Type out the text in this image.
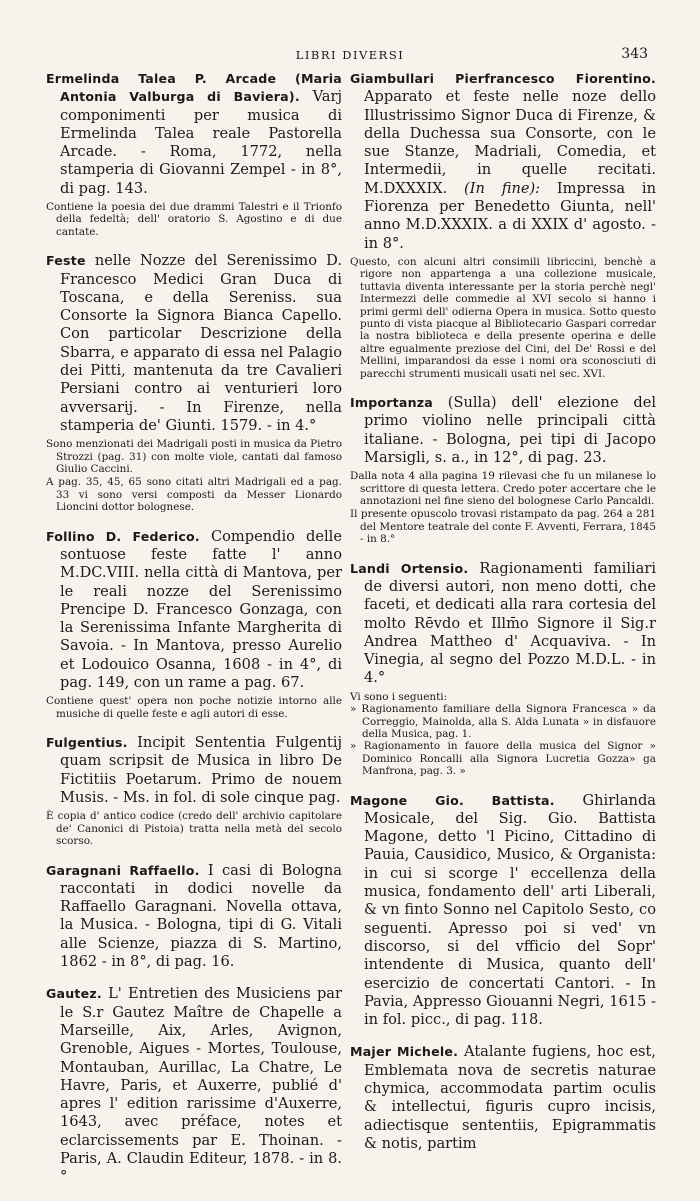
LIBRI DIVERSI	343
Ermelinda Talea P. Arcade (Maria Antonia Valburga di Baviera). Varj componimenti per musica di Ermelinda Talea reale Pastorella Arcade. - Roma, 1772, nella stamperia di Giovanni Zempel - in 8°, di pag. 143.
Contiene la poesia dei due drammi Talestri e il Trionfo della fedeltà; dell' oratorio S. Agostino e di due cantate.
Feste nelle Nozze del Serenissimo D. Francesco Medici Gran Duca di Toscana, e della Sereniss. sua Consorte la Signora Bianca Capello. Con particolar Descrizione della Sbarra, e apparato di essa nel Palagio dei Pitti, mantenuta da tre Cavalieri Persiani contro ai venturieri loro avversarij. - In Firenze, nella stamperia de' Giunti. 1579. - in 4.°
Sono menzionati dei Madrigali posti in musica da Pietro Strozzi (pag. 31) con molte viole, cantati dal famoso Giulio Caccini.
A pag. 35, 45, 65 sono citati altri Madrigali ed a pag. 33 vi sono versi composti da Messer Lionardo Lioncini dottor bolognese.
Follino D. Federico. Compendio delle sontuose feste fatte l' anno M.DC.VIII. nella città di Mantova, per le reali nozze del Serenissimo Prencipe D. Francesco Gonzaga, con la Serenissima Infante Margherita di Savoia. - In Mantova, presso Aurelio et Lodouico Osanna, 1608 - in 4°, di pag. 149, con un rame a pag. 67.
Contiene quest' opera non poche notizie intorno alle musiche di quelle feste e agli autori di esse.
Fulgentius. Incipit Sententia Fulgentij quam scripsit de Musica in libro De Fictitiis Poetarum. Primo de nouem Musis. - Ms. in fol. di sole cinque pag.
È copia d' antico codice (credo dell' archivio capitolare de' Canonici di Pistoia) tratta nella metà del secolo scorso.
Garagnani Raffaello. I casi di Bologna raccontati in dodici novelle da Raffaello Garagnani. Novella ottava, la Musica. - Bologna, tipi di G. Vitali alle Scienze, piazza di S. Martino, 1862 - in 8°, di pag. 16.
Gautez. L' Entretien des Musiciens par le S.r Gautez Maître de Chapelle a Marseille, Aix, Arles, Avignon, Grenoble, Aigues - Mortes, Toulouse, Montauban, Aurillac, La Chatre, Le Havre, Paris, et Auxerre, publié d' apres l' edition rarissime d'Auxerre, 1643, avec préface, notes et eclarcissements par E. Thoinan. - Paris, A. Claudin Editeur, 1878. - in 8.°
Giambullari Pierfrancesco Fiorentino. Apparato et feste nelle noze dello Illustrissimo Signor Duca di Firenze, & della Duchessa sua Consorte, con le sue Stanze, Madriali, Comedia, et Intermedii, in quelle recitati. M.DXXXIX. (In fine): Impressa in Fiorenza per Benedetto Giunta, nell' anno M.D.XXXIX. a di XXIX d' agosto. - in 8°.
Questo, con alcuni altri consimili libriccini, benchè a rigore non appartenga a una collezione musicale, tuttavia diventa interessante per la storia perchè negl' Intermezzi delle commedie al XVI secolo si hanno i primi germi dell' odierna Opera in musica. Sotto questo punto di vista piacque al Bibliotecario Gaspari corredar la nostra biblioteca e della presente operina e delle altre egualmente preziose del Cini, del De' Rossi e del Mellini, imparandosi da esse i nomi ora sconosciuti di parecchi strumenti musicali usati nel sec. XVI.
Importanza (Sulla) dell' elezione del primo violino nelle principali città italiane. - Bologna, pei tipi di Jacopo Marsigli, s. a., in 12°, di pag. 23.
Dalla nota 4 alla pagina 19 rilevasi che fu un milanese lo scrittore di questa lettera. Credo poter accertare che le annotazioni nel fine sieno del bolognese Carlo Pancaldi.
Il presente opuscolo trovasi ristampato da pag. 264 a 281 del Mentore teatrale del conte F. Avventi, Ferrara, 1845 - in 8.°
Landi Ortensio. Ragionamenti familiari de diversi autori, non meno dotti, che faceti, et dedicati alla rara cortesia del molto Rēvdo et Illm̄o Signore il Sig.r Andrea Mattheo d' Acquaviva. - In Vinegia, al segno del Pozzo M.D.L. - in 4.°
Vi sono i seguenti:
» Ragionamento familiare della Signora Francesca » da Correggio, Mainolda, alla S. Alda Lunata » in disfauore della Musica, pag. 1.
» Ragionamento in fauore della musica del Signor » Dominico Roncalli alla Signora Lucretia Gozza» ga Manfrona, pag. 3. »
Magone Gio. Battista. Ghirlanda Mosicale, del Sig. Gio. Battista Magone, detto 'l Picino, Cittadino di Pauia, Causidico, Musico, & Organista: in cui si scorge l' eccellenza della musica, fondamento dell' arti Liberali, & vn finto Sonno nel Capitolo Sesto, co seguenti. Apresso poi si ved' vn discorso, si del vfficio del Sopr' intendente di Musica, quanto dell' esercizio de concertati Cantori. - In Pavia, Appresso Giouanni Negri, 1615 - in fol. picc., di pag. 118.
Majer Michele. Atalante fugiens, hoc est, Emblemata nova de secretis naturae chymica, accommodata partim oculis & intellectui, figuris cupro incisis, adiectisque sententiis, Epigrammatis & notis, partim
